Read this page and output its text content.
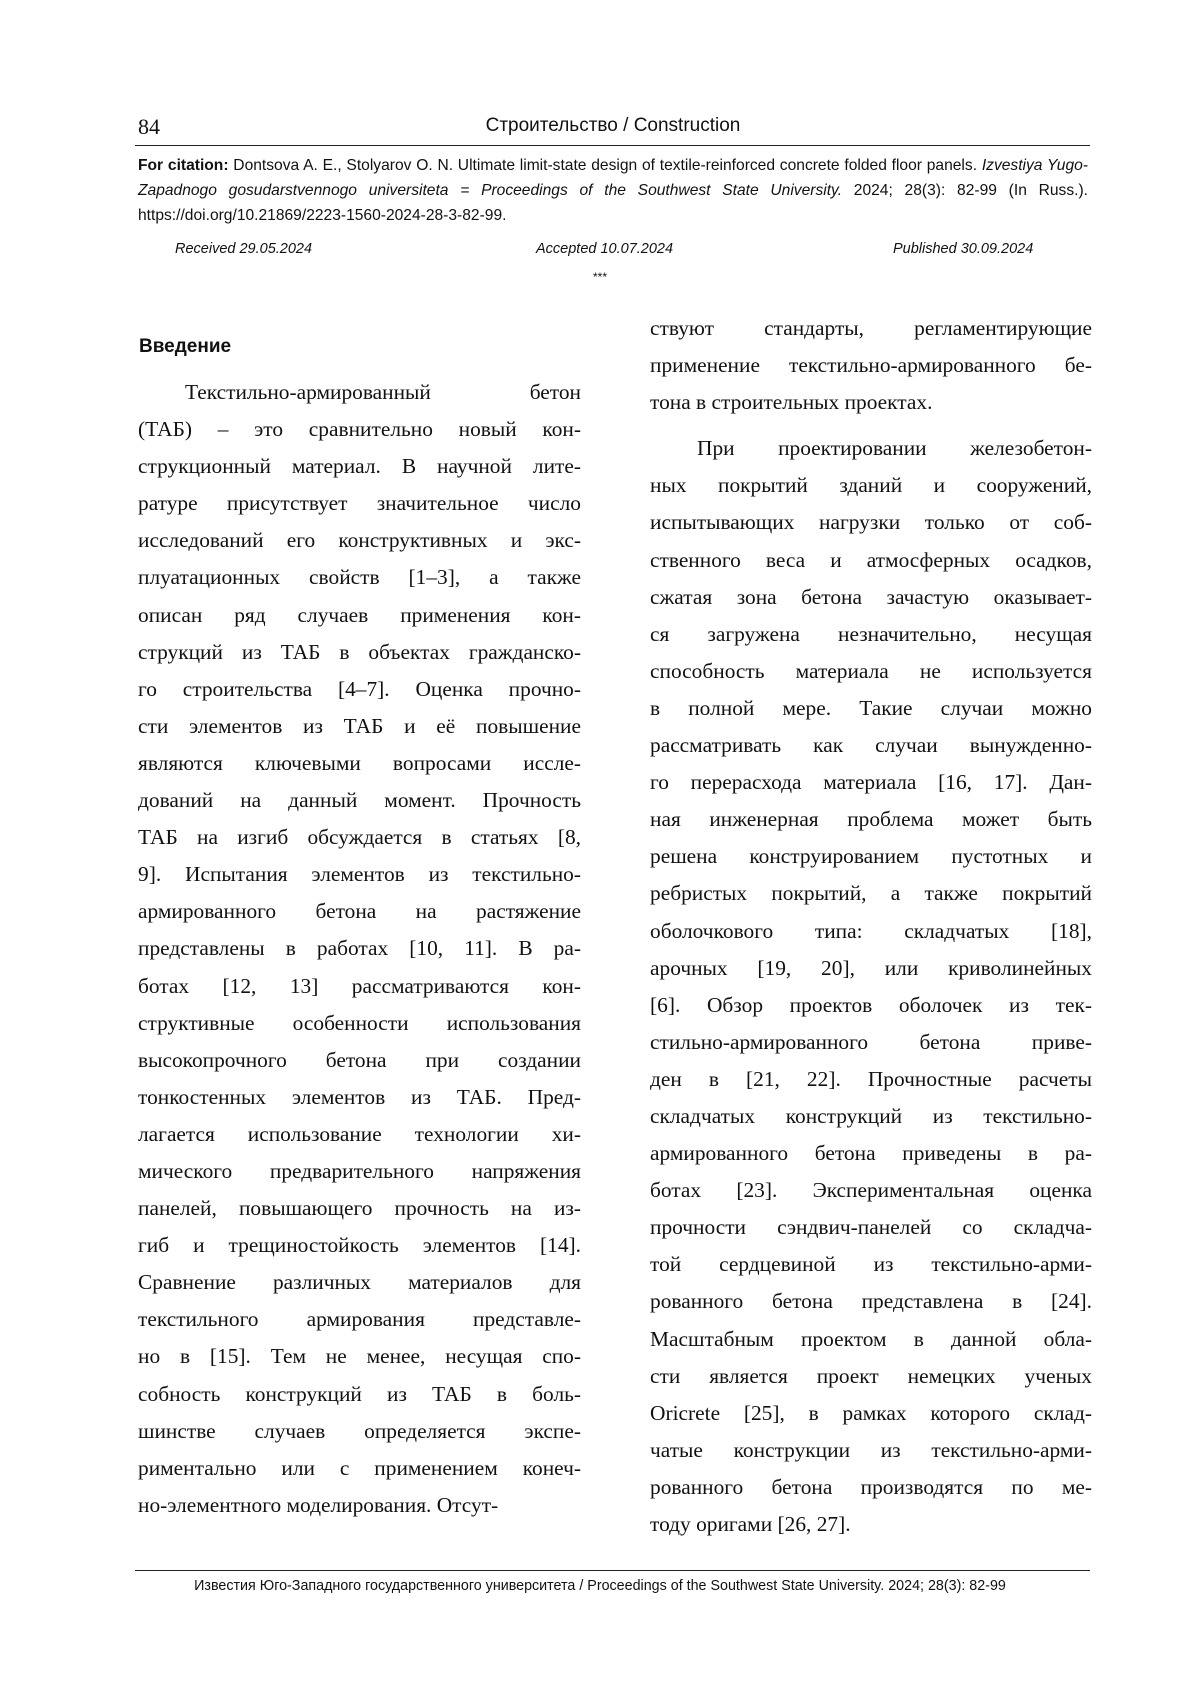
84	Строительство / Construction
For citation: Dontsova A. E., Stolyarov O. N. Ultimate limit-state design of textile-reinforced concrete folded floor panels. Izvestiya Yugo-Zapadnogo gosudarstvennogo universiteta = Proceedings of the Southwest State University. 2024; 28(3): 82-99 (In Russ.). https://doi.org/10.21869/2223-1560-2024-28-3-82-99.
Received 29.05.2024	Accepted 10.07.2024	Published 30.09.2024
***
Введение
Текстильно-армированный бетон
(ТАБ) – это сравнительно новый кон-
струкционный материал. В научной лите-
ратуре присутствует значительное число
исследований его конструктивных и экс-
плуатационных свойств [1–3], а также
описан ряд случаев применения кон-
струкций из ТАБ в объектах гражданско-
го строительства [4–7]. Оценка прочно-
сти элементов из ТАБ и её повышение
являются ключевыми вопросами иссле-
дований на данный момент. Прочность
ТАБ на изгиб обсуждается в статьях [8,
9]. Испытания элементов из текстильно-
армированного бетона на растяжение
представлены в работах [10, 11]. В ра-
ботах [12, 13] рассматриваются кон-
структивные особенности использования
высокопрочного бетона при создании
тонкостенных элементов из ТАБ. Пред-
лагается использование технологии хи-
мического предварительного напряжения
панелей, повышающего прочность на из-
гиб и трещиностойкость элементов [14].
Сравнение различных материалов для
текстильного армирования представле-
но в [15]. Тем не менее, несущая спо-
собность конструкций из ТАБ в боль-
шинстве случаев определяется экспе-
риментально или с применением конеч-
но-элементного моделирования. Отсут-
ствуют стандарты, регламентирующие
применение текстильно-армированного бе-
тона в строительных проектах.
При проектировании железобетон-
ных покрытий зданий и сооружений,
испытывающих нагрузки только от соб-
ственного веса и атмосферных осадков,
сжатая зона бетона зачастую оказывает-
ся загружена незначительно, несущая
способность материала не используется
в полной мере. Такие случаи можно
рассматривать как случаи вынужденно-
го перерасхода материала [16, 17]. Дан-
ная инженерная проблема может быть
решена конструированием пустотных и
ребристых покрытий, а также покрытий
оболочкового типа: складчатых [18],
арочных [19, 20], или криволинейных
[6]. Обзор проектов оболочек из тек-
стильно-армированного бетона приве-
ден в [21, 22]. Прочностные расчеты
складчатых конструкций из текстильно-
армированного бетона приведены в ра-
ботах [23]. Экспериментальная оценка
прочности сэндвич-панелей со складча-
той сердцевиной из текстильно-арми-
рованного бетона представлена в [24].
Масштабным проектом в данной обла-
сти является проект немецких ученых
Oricrete [25], в рамках которого склад-
чатые конструкции из текстильно-арми-
рованного бетона производятся по ме-
тоду оригами [26, 27].
Известия Юго-Западного государственного университета / Proceedings of the Southwest State University. 2024; 28(3): 82-99
